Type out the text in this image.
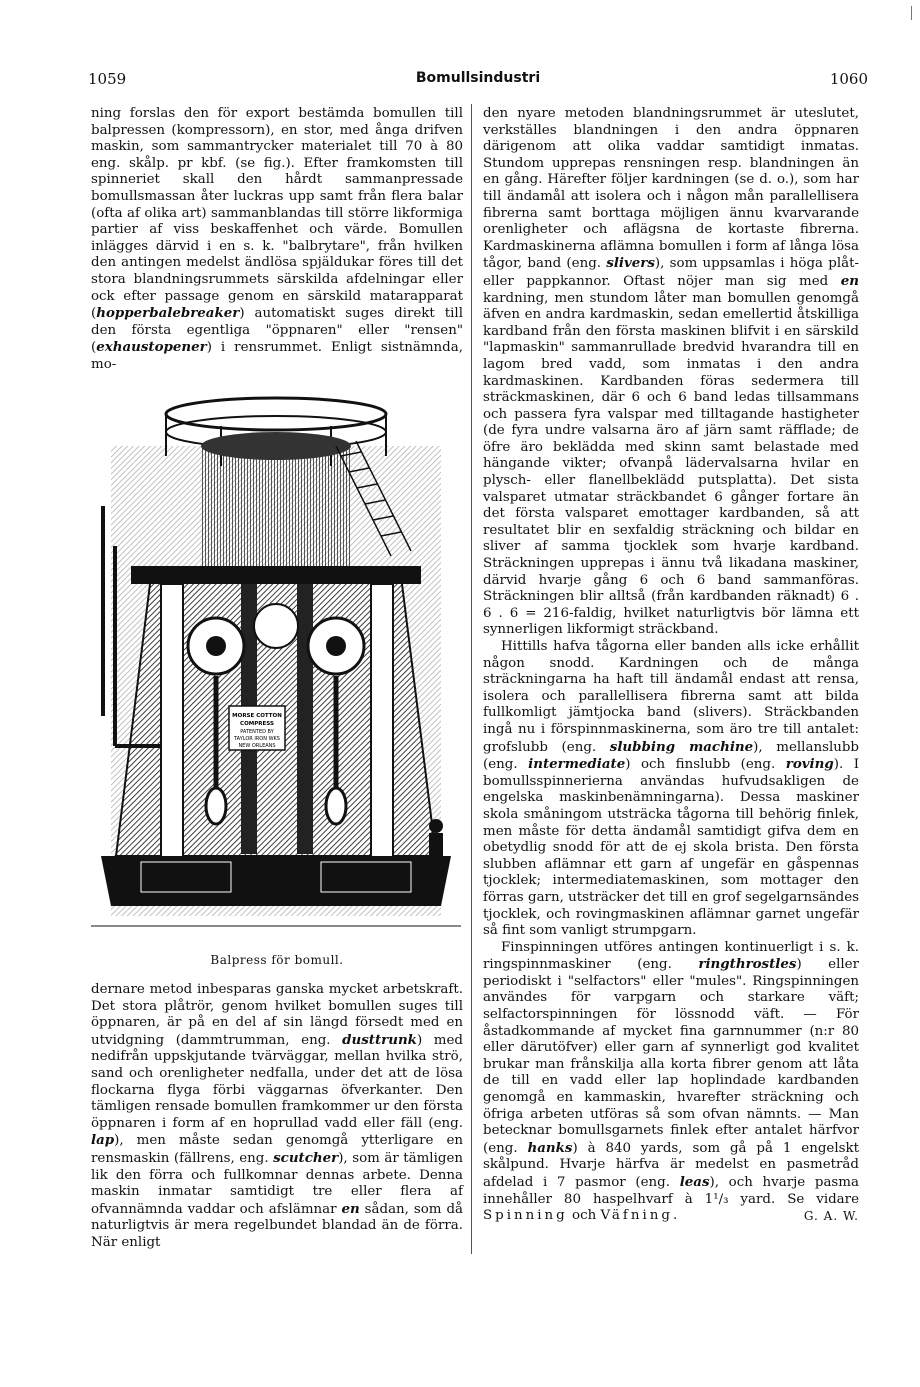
1059	Bomullsindustri	1060

ning forslas den för export bestämda bomullen till balpressen (kompressorn), en stor, med ånga drifven maskin, som sammantrycker materialet till 70 à 80 eng. skålp. pr kbf. (se fig.). Efter framkomsten till spinneriet skall den hårdt sammanpressade bomullsmassan åter luckras upp samt från flera balar (ofta af olika art) sammanblandas till större likformiga partier af viss beskaffenhet och värde. Bomullen inlägges därvid i en s. k. "balbrytare", från hvilken den antingen medelst ändlösa spjäldukar föres till det stora blandningsrummets särskilda afdelningar eller ock efter passage genom en särskild matarapparat (hopperbalebreaker) automatiskt suges direkt till den första egentliga "öppnaren" eller "rensen" (exhaustopener) i rensrummet. Enligt sistnämnda, mo-

MORSE COTTON
COMPRESS
PATENTED BY
TAYLOR IRON WKS
NEW ORLEANS
Balpress för bomull.

dernare metod inbesparas ganska mycket arbetskraft. Det stora plåtrör, genom hvilket bomullen suges till öppnaren, är på en del af sin längd försedt med en utvidgning (dammtrumman, eng. dusttrunk) med nedifrån uppskjutande tvärväggar, mellan hvilka strö, sand och orenligheter nedfalla, under det att de lösa flockarna flyga förbi väggarnas öfverkanter. Den tämligen rensade bomullen framkommer ur den första öppnaren i form af en hoprullad vadd eller fäll (eng. lap), men måste sedan genomgå ytterligare en rensmaskin (fällrens, eng. scutcher), som är tämligen lik den förra och fullkomnar dennas arbete. Denna maskin inmatar samtidigt tre eller flera af ofvannämnda vaddar och afslämnar en sådan, som då naturligtvis är mera regelbundet blandad än de förra. När enligt

den nyare metoden blandningsrummet är uteslutet, verkställes blandningen i den andra öppnaren därigenom att olika vaddar samtidigt inmatas. Stundom upprepas rensningen resp. blandningen än en gång. Härefter följer kardningen (se d. o.), som har till ändamål att isolera och i någon mån parallellisera fibrerna samt borttaga möjligen ännu kvarvarande orenligheter och aflägsna de kortaste fibrerna. Kardmaskinerna aflämna bomullen i form af långa lösa tågor, band (eng. slivers), som uppsamlas i höga plåt- eller pappkannor. Oftast nöjer man sig med en kardning, men stundom låter man bomullen genomgå äfven en andra kardmaskin, sedan emellertid åtskilliga kardband från den första maskinen blifvit i en särskild "lapmaskin" sammanrullade bredvid hvarandra till en lagom bred vadd, som inmatas i den andra kardmaskinen. Kardbanden föras sedermera till sträckmaskinen, där 6 och 6 band ledas tillsammans och passera fyra valspar med tilltagande hastigheter (de fyra undre valsarna äro af järn samt räfflade; de öfre äro beklädda med skinn samt belastade med hängande vikter; ofvanpå lädervalsarna hvilar en plysch- eller flanellbeklädd putsplatta). Det sista valsparet utmatar sträckbandet 6 gånger fortare än det första valsparet emottager kardbanden, så att resultatet blir en sexfaldig sträckning och bildar en sliver af samma tjocklek som hvarje kardband. Sträckningen upprepas i ännu två likadana maskiner, därvid hvarje gång 6 och 6 band sammanföras. Sträckningen blir alltså (från kardbanden räknadt) 6 . 6 . 6 = 216-faldig, hvilket naturligtvis bör lämna ett synnerligen likformigt sträckband.

Hittills hafva tågorna eller banden alls icke erhållit någon snodd. Kardningen och de många sträckningarna ha haft till ändamål endast att rensa, isolera och parallellisera fibrerna samt att bilda fullkomligt jämtjocka band (slivers). Sträckbanden ingå nu i förspinnmaskinerna, som äro tre till antalet: grofslubb (eng. slubbing machine), mellanslubb (eng. intermediate) och finslubb (eng. roving). I bomullsspinnerierna användas hufvudsakligen de engelska maskinbenämningarna). Dessa maskiner skola småningom utsträcka tågorna till behörig finlek, men måste för detta ändamål samtidigt gifva dem en obetydlig snodd för att de ej skola brista. Den första slubben aflämnar ett garn af ungefär en gåspennas tjocklek; intermediatemaskinen, som mottager den förras garn, utsträcker det till en grof segelgarnsändes tjocklek, och rovingmaskinen aflämnar garnet ungefär så fint som vanligt strumpgarn.

Finspinningen utföres antingen kontinuerligt i s. k. ringspinnmaskiner (eng. ringthrostles) eller periodiskt i "selfactors" eller "mules". Ringspinningen användes för varpgarn och starkare väft; selfactorspinningen för lössnodd väft. — För åstadkommande af mycket fina garnnummer (n:r 80 eller därutöfver) eller garn af synnerligt god kvalitet brukar man frånskilja alla korta fibrer genom att låta de till en vadd eller lap hoplindade kardbanden genomgå en kammaskin, hvarefter sträckning och öfriga arbeten utföras så som ofvan nämnts. — Man betecknar bomullsgarnets finlek efter antalet härfvor (eng. hanks) à 840 yards, som gå på 1 engelskt skålpund. Hvarje härfva är medelst en pasmetråd afdelad i 7 pasmor (eng. leas), och hvarje pasma innehåller 80 haspelhvarf à 1¹/₃ yard. Se vidare Spinning och Väfning.	G. A. W.
